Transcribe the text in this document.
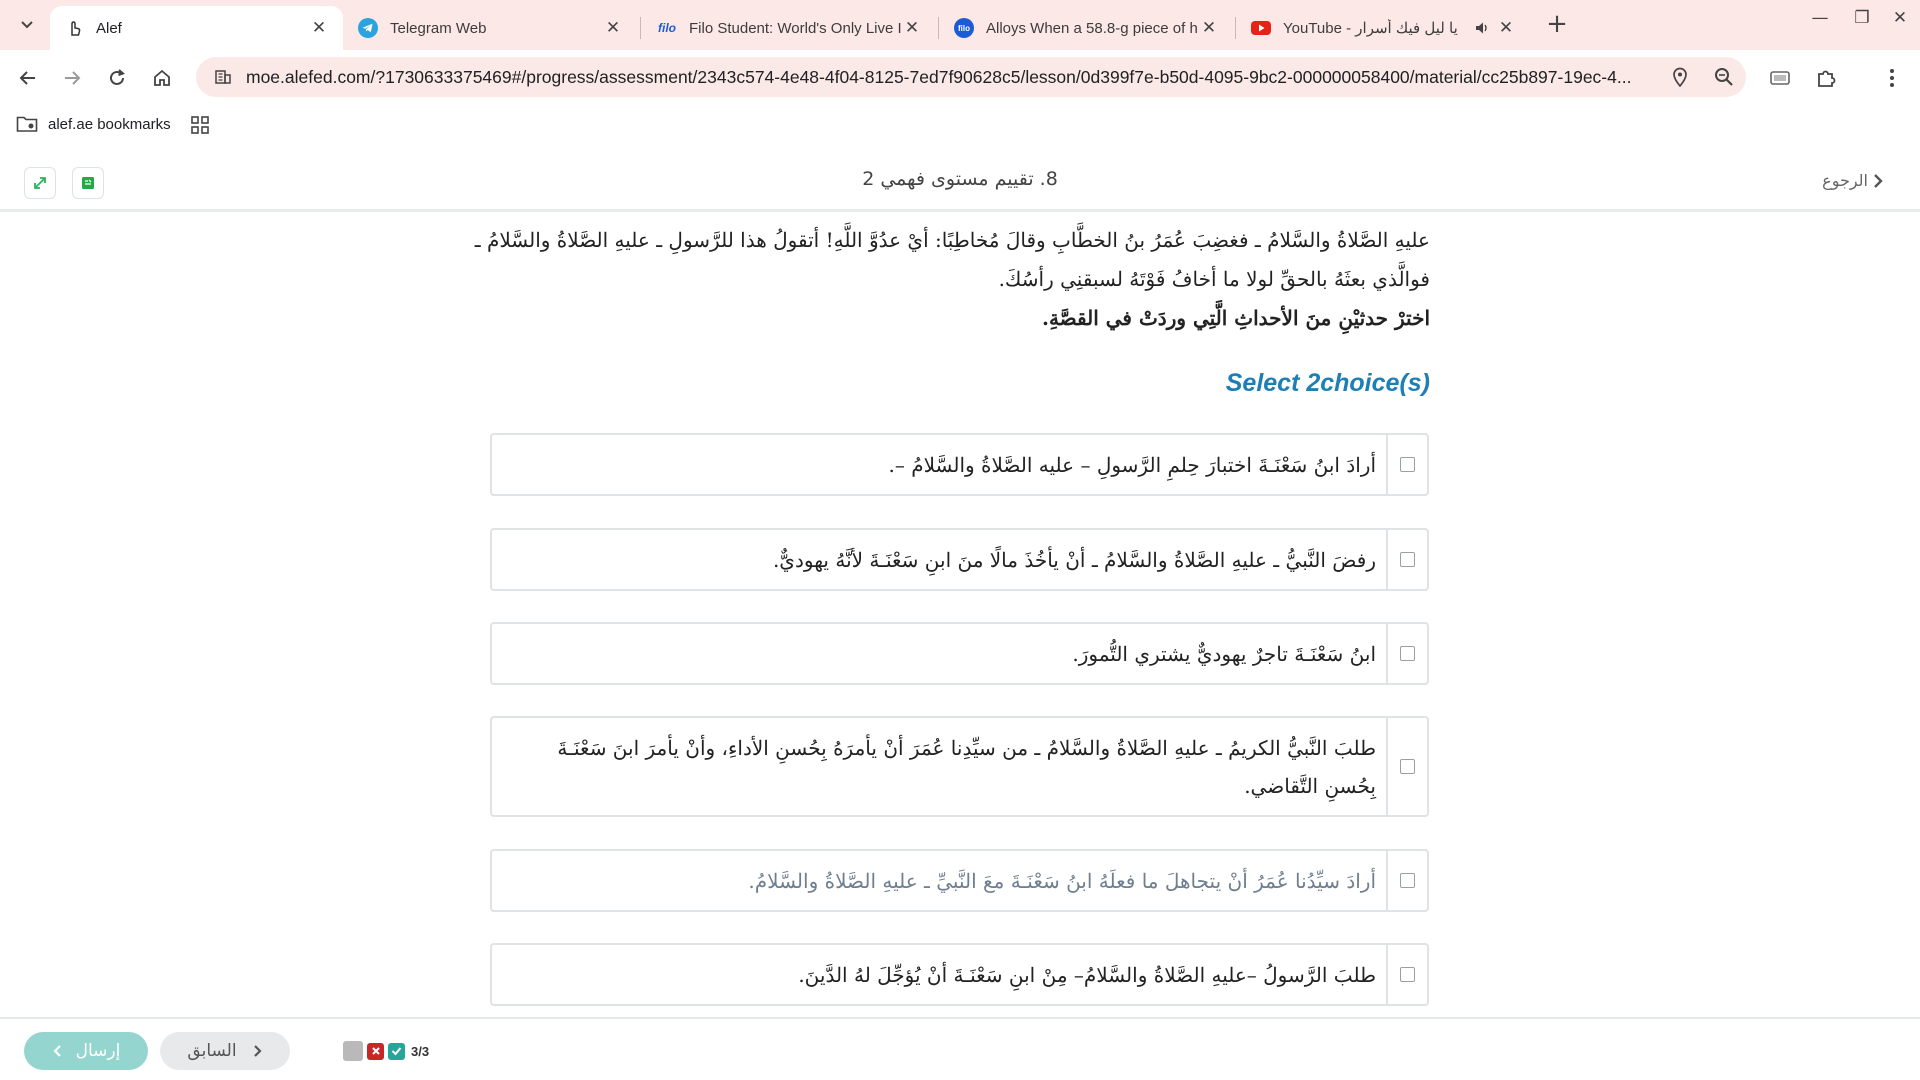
Alef	✕	Telegram Web	✕	filo Filo Student: World's Only Live I ✕	filo Alloys When a 58.8-g piece of h ✕	YouTube - يا ليل فيك أسرار	✕ +	—	❐	✕
moe.alefed.com/?1730633375469#/progress/assessment/2343c574-4e48-4f04-8125-7ed7f90628c5/lesson/0d399f7e-b50d-4095-9bc2-000000058400/material/cc25b897-19ec-4...
alef.ae bookmarks
8. تقييم مستوى فهمي 2	الرجوع
عليهِ الصَّلاةُ والسَّلامُ ـ فغضِبَ عُمَرُ بنُ الخطَّابِ وقالَ مُخاطِبًا: أيْ عدُوَّ اللَّهِ! أتقولُ هذا للرَّسولِ ـ عليهِ الصَّلاةُ والسَّلامُ ـ
فوالَّذي بعثَهُ بالحقِّ لولا ما أخافُ فَوْتَهُ لسبقنِي رأسُكَ.
اخترْ حدثيْنِ منَ الأحداثِ الَّتِي وردَتْ في القصَّةِ.
Select 2choice(s)
أرادَ ابنُ سَعْنَـةَ اختبارَ حِلمِ الرَّسولِ – عليه الصَّلاةُ والسَّلامُ –.
رفضَ النَّبيُّ ـ عليهِ الصَّلاةُ والسَّلامُ ـ أنْ يأخُذَ مالًا منَ ابنِ سَعْنَـةَ لأنَّهُ يهوديٌّ.
ابنُ سَعْنَـةَ تاجرٌ يهوديٌّ يشتري التُّمورَ.
طلبَ النَّبيُّ الكريمُ ـ عليهِ الصَّلاةُ والسَّلامُ ـ من سيِّدِنا عُمَرَ أنْ يأمرَهُ بِحُسنِ الأداءِ، وأنْ يأمرَ ابنَ سَعْنَـةَ بِحُسنِ التَّقاضي.
أرادَ سيِّدُنا عُمَرُ أنْ يتجاهلَ ما فعلَهُ ابنُ سَعْنَـةَ معَ النَّبيِّ ـ عليهِ الصَّلاةُ والسَّلامُ.
طلبَ الرَّسولُ –عليهِ الصَّلاةُ والسَّلامُ– مِنْ ابنِ سَعْنَـةَ أنْ يُؤجِّلَ لهُ الدَّينَ.
إرسال	السابق	3/3
